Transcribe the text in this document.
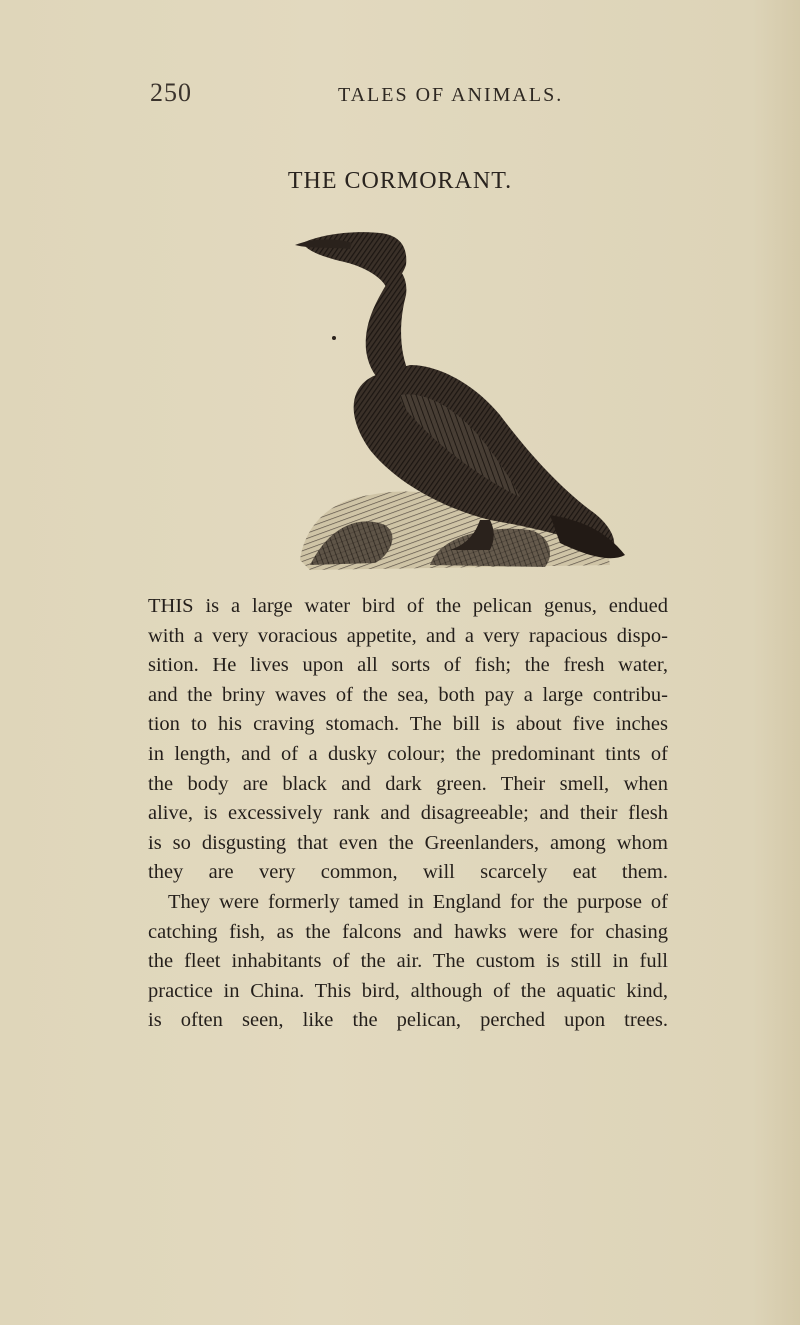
250	TALES OF ANIMALS.
THE CORMORANT.

THIS is a large water bird of the pelican genus, endued
with a very voracious appetite, and a very rapacious dispo-
sition. He lives upon all sorts of fish; the fresh water,
and the briny waves of the sea, both pay a large contribu-
tion to his craving stomach. The bill is about five inches
in length, and of a dusky colour; the predominant tints of
the body are black and dark green. Their smell, when
alive, is excessively rank and disagreeable; and their flesh
is so disgusting that even the Greenlanders, among whom
they are very common, will scarcely eat them.

They were formerly tamed in England for the purpose of
catching fish, as the falcons and hawks were for chasing
the fleet inhabitants of the air. The custom is still in full
practice in China. This bird, although of the aquatic kind,
is often seen, like the pelican, perched upon trees.
